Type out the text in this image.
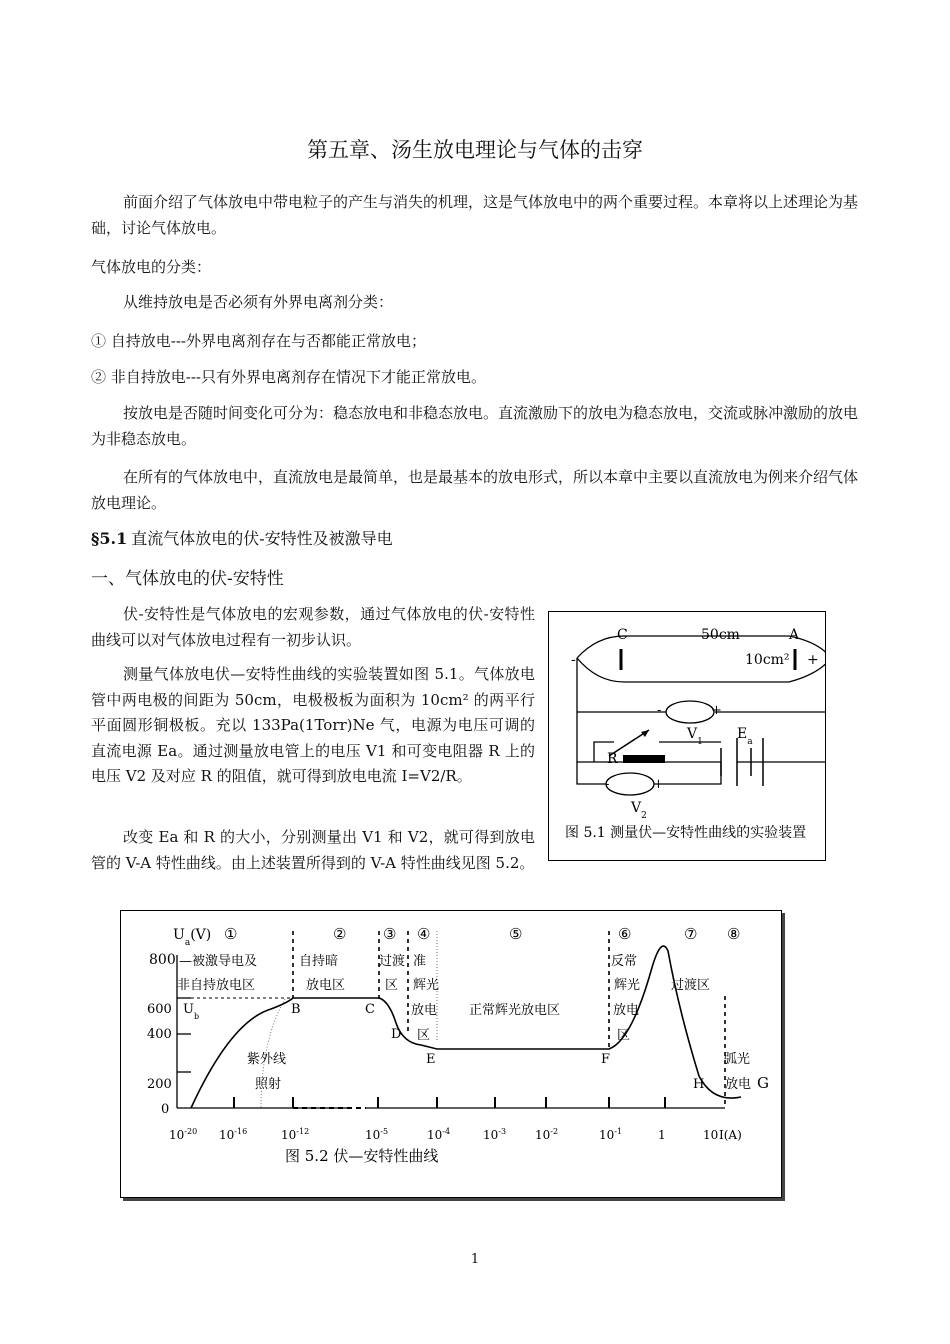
第五章、汤生放电理论与气体的击穿
前面介绍了气体放电中带电粒子的产生与消失的机理，这是气体放电中的两个重要过程。本章将以上述理论为基础，讨论气体放电。
气体放电的分类：
从维持放电是否必须有外界电离剂分类：
① 自持放电---外界电离剂存在与否都能正常放电；
② 非自持放电---只有外界电离剂存在情况下才能正常放电。
按放电是否随时间变化可分为：稳态放电和非稳态放电。直流激励下的放电为稳态放电，交流或脉冲激励的放电为非稳态放电。
在所有的气体放电中，直流放电是最简单，也是最基本的放电形式，所以本章中主要以直流放电为例来介绍气体放电理论。
§5.1 直流气体放电的伏-安特性及被激导电
一、气体放电的伏-安特性
伏-安特性是气体放电的宏观参数，通过气体放电的伏-安特性曲线可以对气体放电过程有一初步认识。
测量气体放电伏—安特性曲线的实验装置如图 5.1。气体放电管中两电极的间距为 50cm，电极极板为面积为 10cm² 的两平行平面圆形铜极板。充以 133Pa(1Torr)Ne 气，电源为电压可调的直流电源 Ea。通过测量放电管上的电压 V1 和可变电阻器 R 上的电压 V2 及对应 R 的阻值，就可得到放电电流 I=V2/R。
改变 Ea 和 R 的大小，分别测量出 V1 和 V2，就可得到放电管的 V-A 特性曲线。由上述装置所得到的 V-A 特性曲线见图 5.2。
C	50cm	A
-	10cm² +
-	+
$V_1$ $E_a$
R
-	+
$V_2$
图 5.1 测量伏—安特性曲线的实验装置
$U_a(V)$
800
600
400
200
0
①	② ③ ④	⑤	⑥	⑦ ⑧
—被激导电及
非自持放电区
自持暗
放电区
过渡
区
准
辉光
放电
区
正常辉光放电区
反常
辉光
放电
区
过渡区
弧光
放电
$U_b$	B	C
D
E	F
H	G
紫外线
照射
$10^{-20}$ $10^{-16}$	$10^{-12}$	$10^{-5}$	$10^{-4}$	$10^{-3}$ $10^{-2}$	$10^{-1}$	1	10 I(A)
图 5.2 伏—安特性曲线
1
